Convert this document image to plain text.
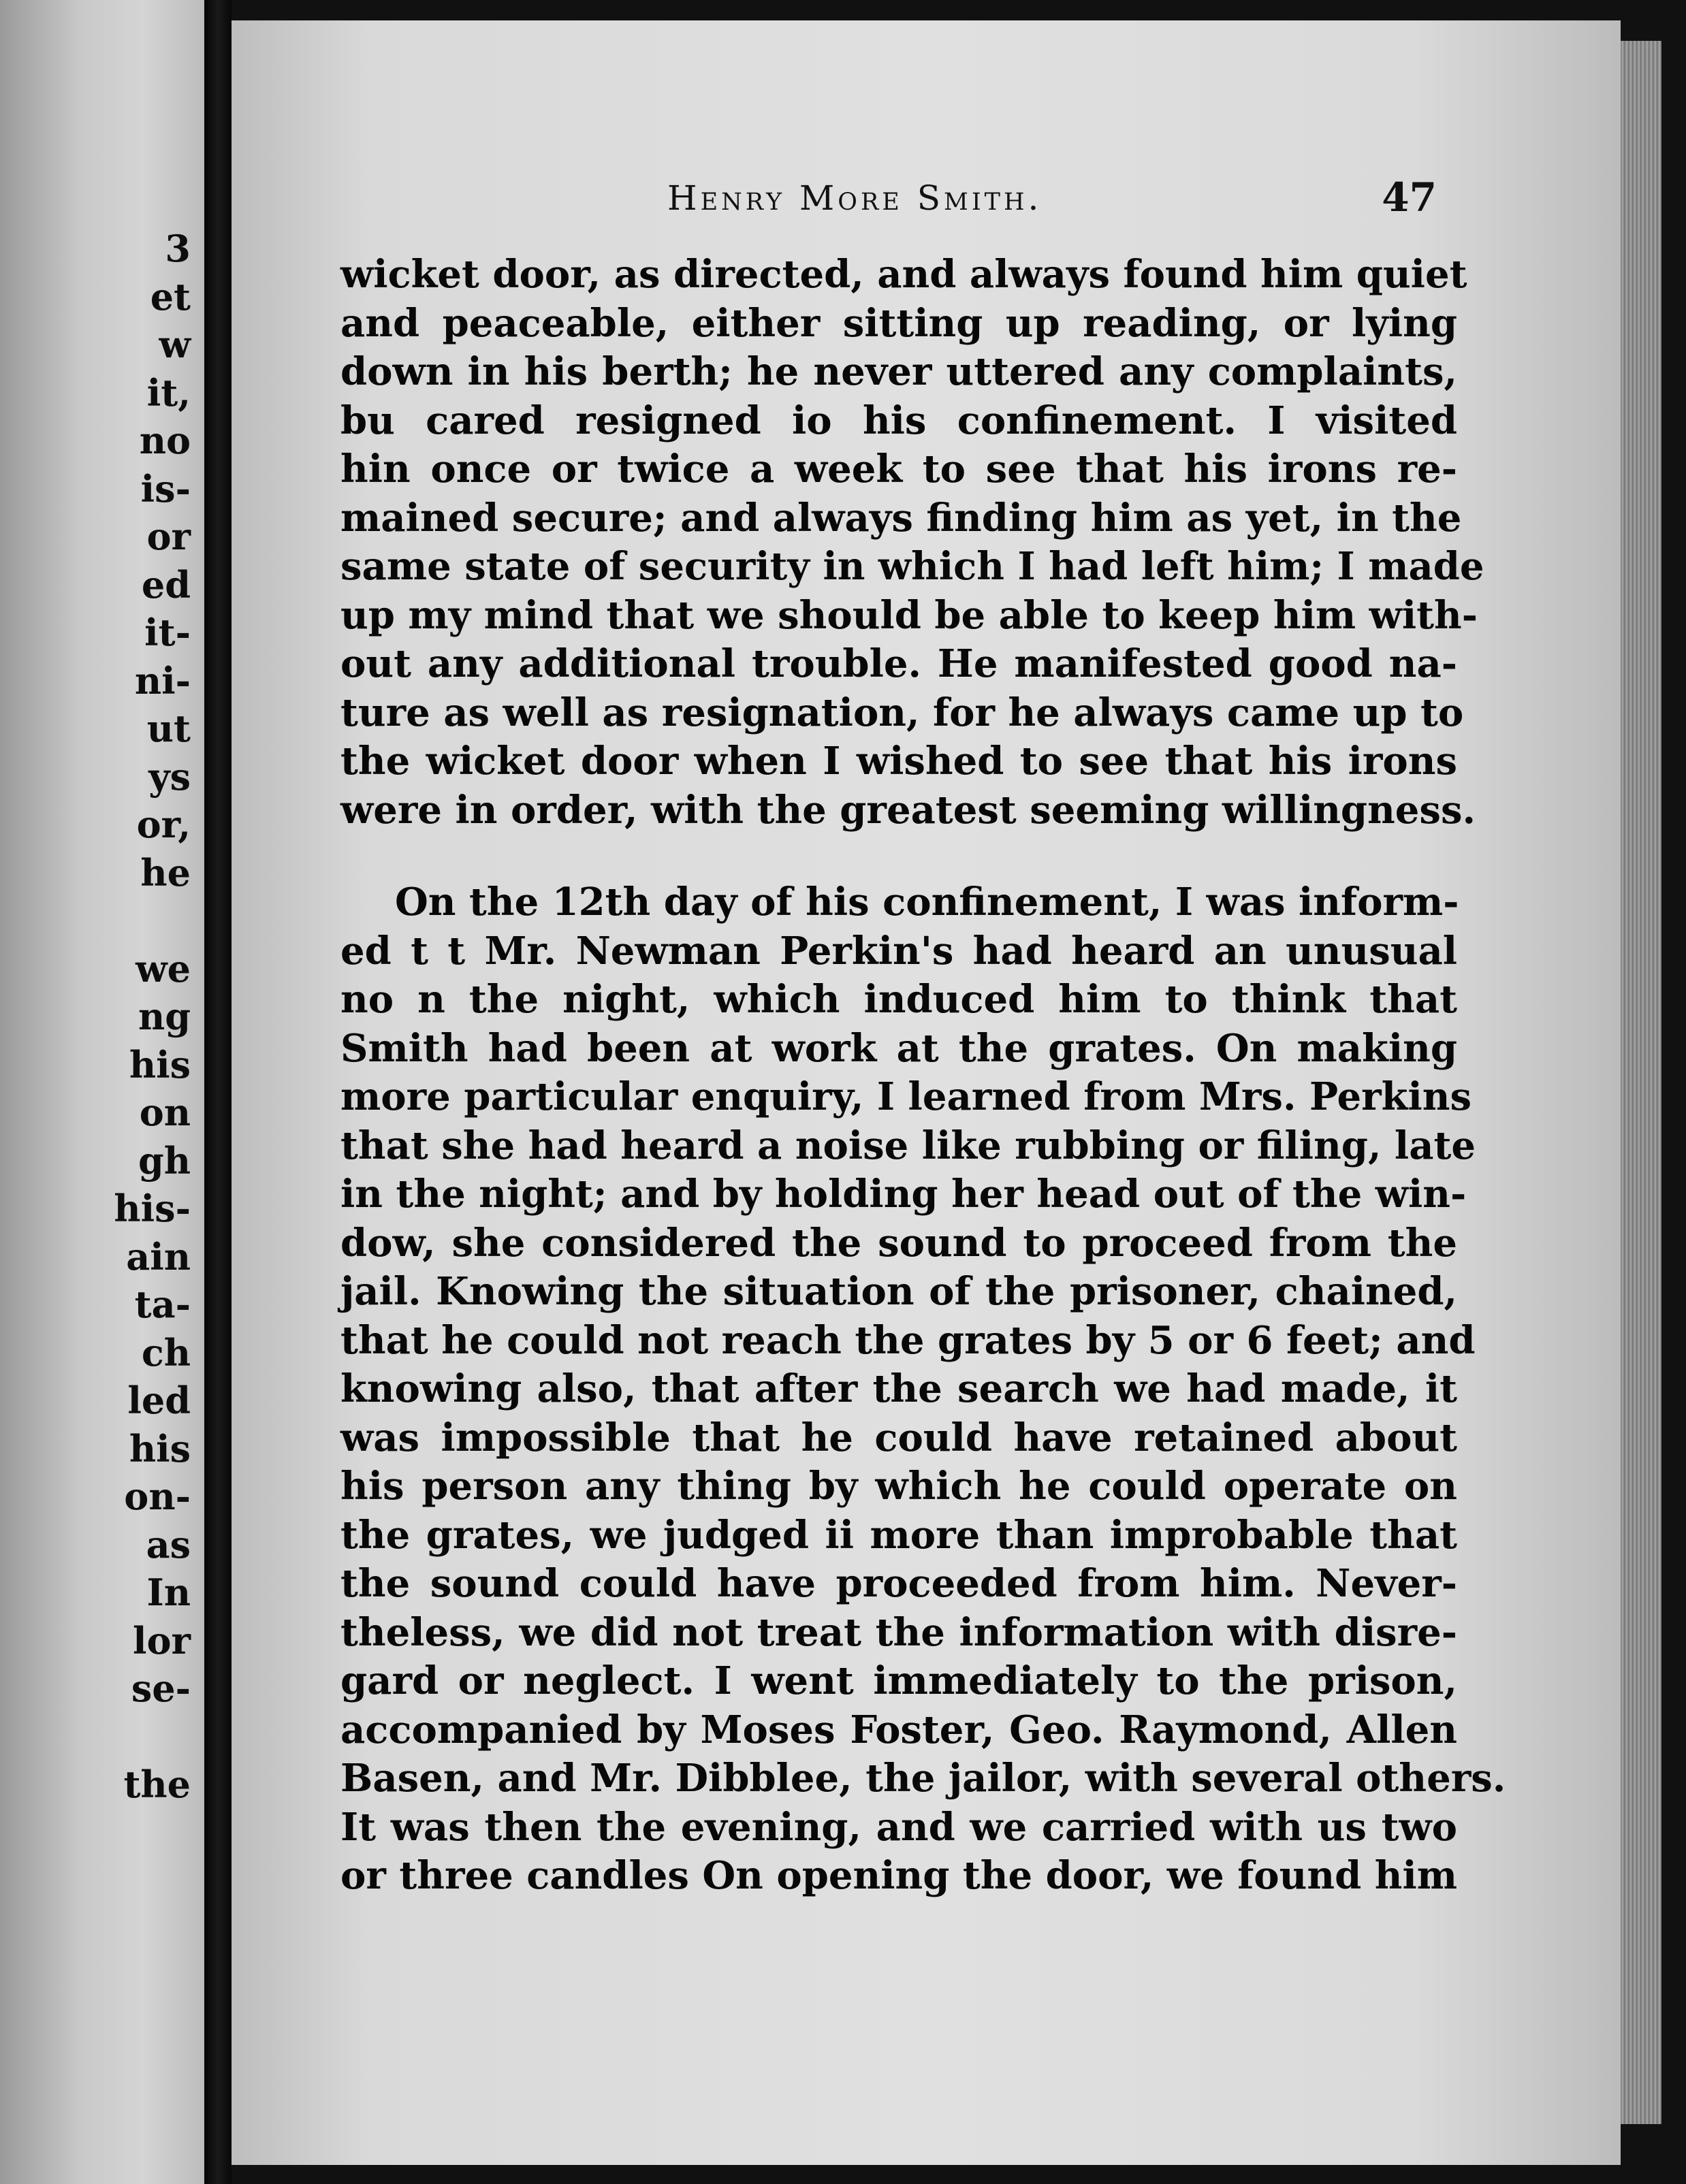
3
et
w
it,
no
is-
or
ed
it-
ni-
ut
ys
or,
he
we
ng
his
on
gh
his-
ain
ta-
ch
led
his
on-
as
In
lor
se-
the
Henry More Smith.	47
wicket door, as directed, and always found him quiet
and peaceable, either sitting up reading, or lying
down in his berth; he never uttered any complaints,
bu cared resigned io his confinement. I visited
hin once or twice a week to see that his irons re-
mained secure; and always finding him as yet, in the
same state of security in which I had left him; I made
up my mind that we should be able to keep him with-
out any additional trouble. He manifested good na-
ture as well as resignation, for he always came up to
the wicket door when I wished to see that his irons
were in order, with the greatest seeming willingness.
On the 12th day of his confinement, I was inform-
ed t t Mr. Newman Perkin's had heard an unusual
no n the night, which induced him to think that
Smith had been at work at the grates. On making
more particular enquiry, I learned from Mrs. Perkins
that she had heard a noise like rubbing or filing, late
in the night; and by holding her head out of the win-
dow, she considered the sound to proceed from the
jail. Knowing the situation of the prisoner, chained,
that he could not reach the grates by 5 or 6 feet; and
knowing also, that after the search we had made, it
was impossible that he could have retained about
his person any thing by which he could operate on
the grates, we judged ii more than improbable that
the sound could have proceeded from him. Never-
theless, we did not treat the information with disre-
gard or neglect. I went immediately to the prison,
accompanied by Moses Foster, Geo. Raymond, Allen
Basen, and Mr. Dibblee, the jailor, with several others.
It was then the evening, and we carried with us two
or three candles On opening the door, we found him
